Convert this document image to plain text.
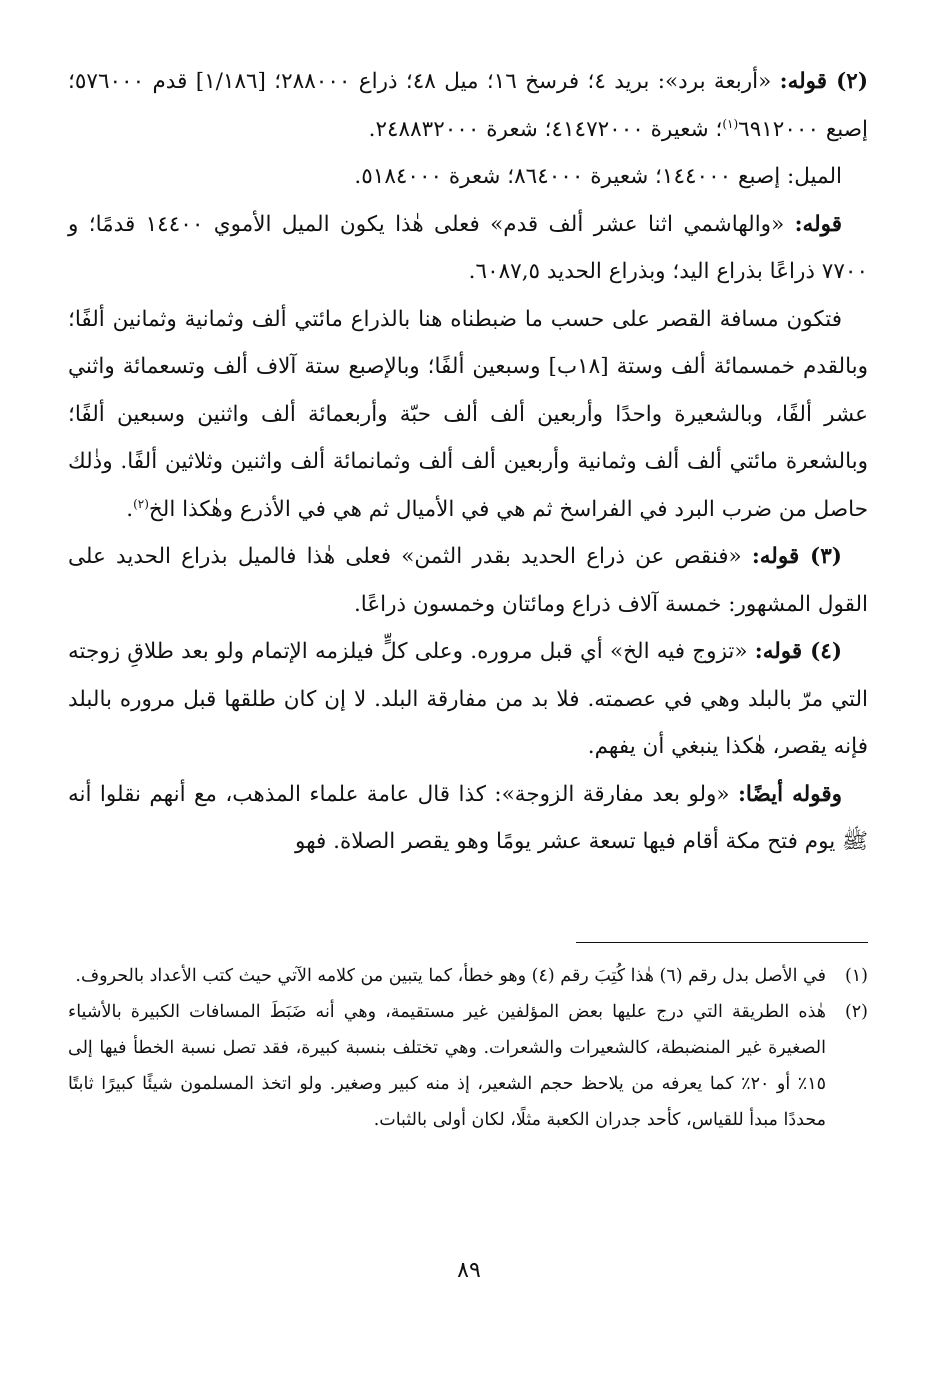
(٢) قوله: «أربعة برد»: بريد ٤؛ فرسخ ١٦؛ ميل ٤٨؛ ذراع ٢٨٨٠٠٠؛ [١/١٨٦] قدم ٥٧٦٠٠٠؛ إصبع ٦٩١٢٠٠٠$^{(١)}$؛ شعيرة ٤١٤٧٢٠٠٠؛ شعرة ٢٤٨٨٣٢٠٠٠.

الميل: إصبع ١٤٤٠٠٠؛ شعيرة ٨٦٤٠٠٠؛ شعرة ٥١٨٤٠٠٠.

قوله: «والهاشمي اثنا عشر ألف قدم» فعلى هٰذا يكون الميل الأموي ١٤٤٠٠ قدمًا؛ و ٧٧٠٠ ذراعًا بذراع اليد؛ وبذراع الحديد ٦٠٨٧,٥.

فتكون مسافة القصر على حسب ما ضبطناه هنا بالذراع مائتي ألف وثمانية وثمانين ألفًا؛ وبالقدم خمسمائة ألف وستة [١٨ب] وسبعين ألفًا؛ وبالإصبع ستة آلاف ألف وتسعمائة واثني عشر ألفًا، وبالشعيرة واحدًا وأربعين ألف ألف حبّة وأربعمائة ألف واثنين وسبعين ألفًا؛ وبالشعرة مائتي ألف ألف وثمانية وأربعين ألف ألف وثمانمائة ألف واثنين وثلاثين ألفًا. وذٰلك حاصل من ضرب البرد في الفراسخ ثم هي في الأميال ثم هي في الأذرع وهٰكذا الخ$^{(٢)}$.

(٣) قوله: «فنقص عن ذراع الحديد بقدر الثمن» فعلى هٰذا فالميل بذراع الحديد على القول المشهور: خمسة آلاف ذراع ومائتان وخمسون ذراعًا.

(٤) قوله: «تزوج فيه الخ» أي قبل مروره. وعلى كلٍّ فيلزمه الإتمام ولو بعد طلاقِ زوجته التي مرّ بالبلد وهي في عصمته. فلا بد من مفارقة البلد. لا إن كان طلقها قبل مروره بالبلد فإنه يقصر، هٰكذا ينبغي أن يفهم.

وقوله أيضًا: «ولو بعد مفارقة الزوجة»: كذا قال عامة علماء المذهب، مع أنهم نقلوا أنه ﷺ يوم فتح مكة أقام فيها تسعة عشر يومًا وهو يقصر الصلاة. فهو

(١)
في الأصل بدل رقم (٦) هٰذا كُتِبَ رقم (٤) وهو خطأ، كما يتبين من كلامه الآتي حيث كتب الأعداد بالحروف.
(٢)
هٰذه الطريقة التي درج عليها بعض المؤلفين غير مستقيمة، وهي أنه ضَبَطَ المسافات الكبيرة بالأشياء الصغيرة غير المنضبطة، كالشعيرات والشعرات. وهي تختلف بنسبة كبيرة، فقد تصل نسبة الخطأ فيها إلى ١٥٪ أو ٢٠٪ كما يعرفه من يلاحظ حجم الشعير، إذ منه كبير وصغير. ولو اتخذ المسلمون شيئًا كبيرًا ثابتًا محددًا مبدأ للقياس، كأحد جدران الكعبة مثلًا، لكان أولى بالثبات.
٨٩
